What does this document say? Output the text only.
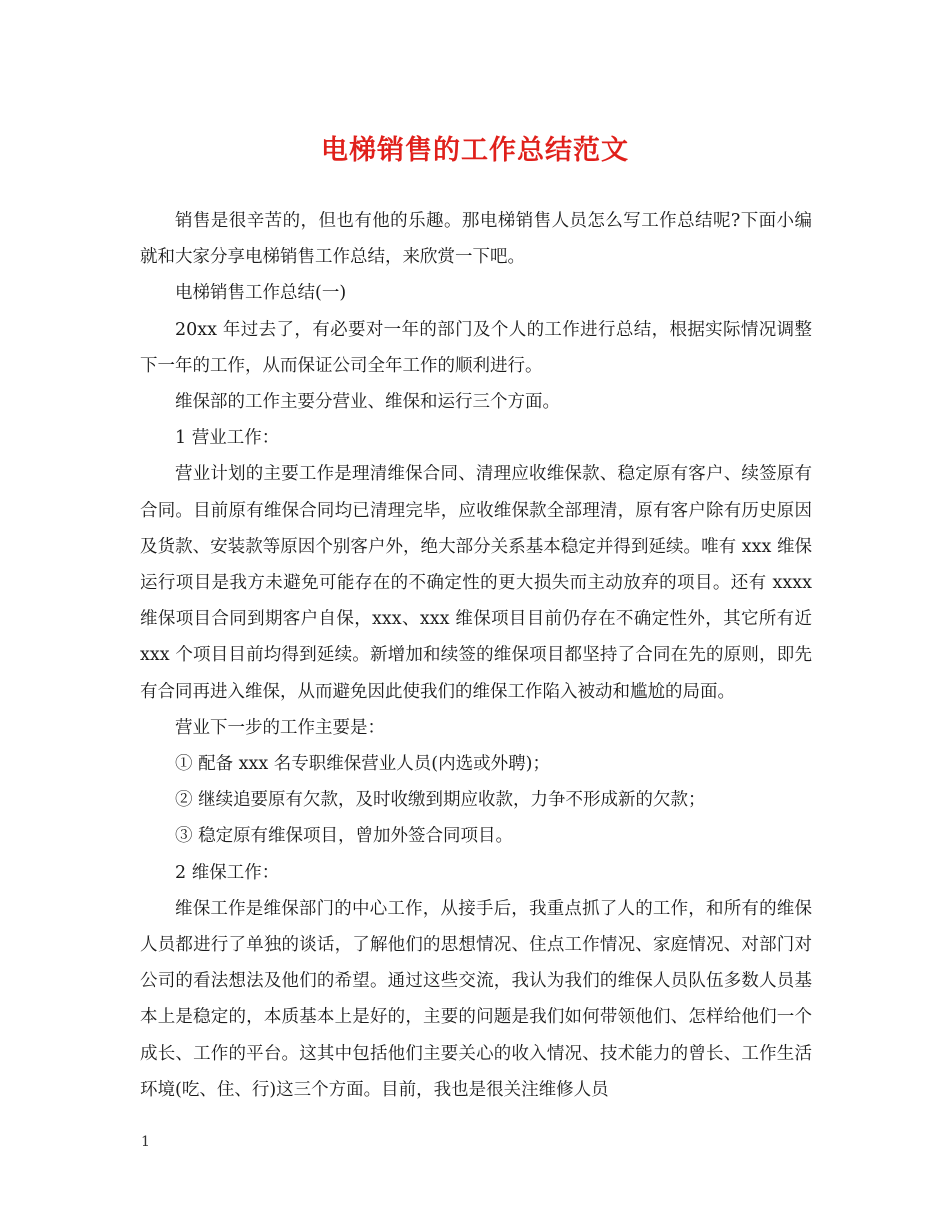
电梯销售的工作总结范文

销售是很辛苦的，但也有他的乐趣。那电梯销售人员怎么写工作总结呢?下面小编就和大家分享电梯销售工作总结，来欣赏一下吧。

电梯销售工作总结(一)

20xx 年过去了，有必要对一年的部门及个人的工作进行总结，根据实际情况调整下一年的工作，从而保证公司全年工作的顺利进行。

维保部的工作主要分营业、维保和运行三个方面。

1 营业工作：

营业计划的主要工作是理清维保合同、清理应收维保款、稳定原有客户、续签原有合同。目前原有维保合同均已清理完毕，应收维保款全部理清，原有客户除有历史原因及货款、安装款等原因个别客户外，绝大部分关系基本稳定并得到延续。唯有 xxx 维保运行项目是我方未避免可能存在的不确定性的更大损失而主动放弃的项目。还有 xxxx 维保项目合同到期客户自保，xxx、xxx 维保项目目前仍存在不确定性外，其它所有近 xxx 个项目目前均得到延续。新增加和续签的维保项目都坚持了合同在先的原则，即先有合同再进入维保，从而避免因此使我们的维保工作陷入被动和尴尬的局面。

营业下一步的工作主要是：

① 配备 xxx 名专职维保营业人员(内选或外聘)；

② 继续追要原有欠款，及时收缴到期应收款，力争不形成新的欠款；

③ 稳定原有维保项目，曾加外签合同项目。

2 维保工作：

维保工作是维保部门的中心工作，从接手后，我重点抓了人的工作，和所有的维保人员都进行了单独的谈话，了解他们的思想情况、住点工作情况、家庭情况、对部门对公司的看法想法及他们的希望。通过这些交流，我认为我们的维保人员队伍多数人员基本上是稳定的，本质基本上是好的，主要的问题是我们如何带领他们、怎样给他们一个成长、工作的平台。这其中包括他们主要关心的收入情况、技术能力的曾长、工作生活环境(吃、住、行)这三个方面。目前，我也是很关注维修人员

1
